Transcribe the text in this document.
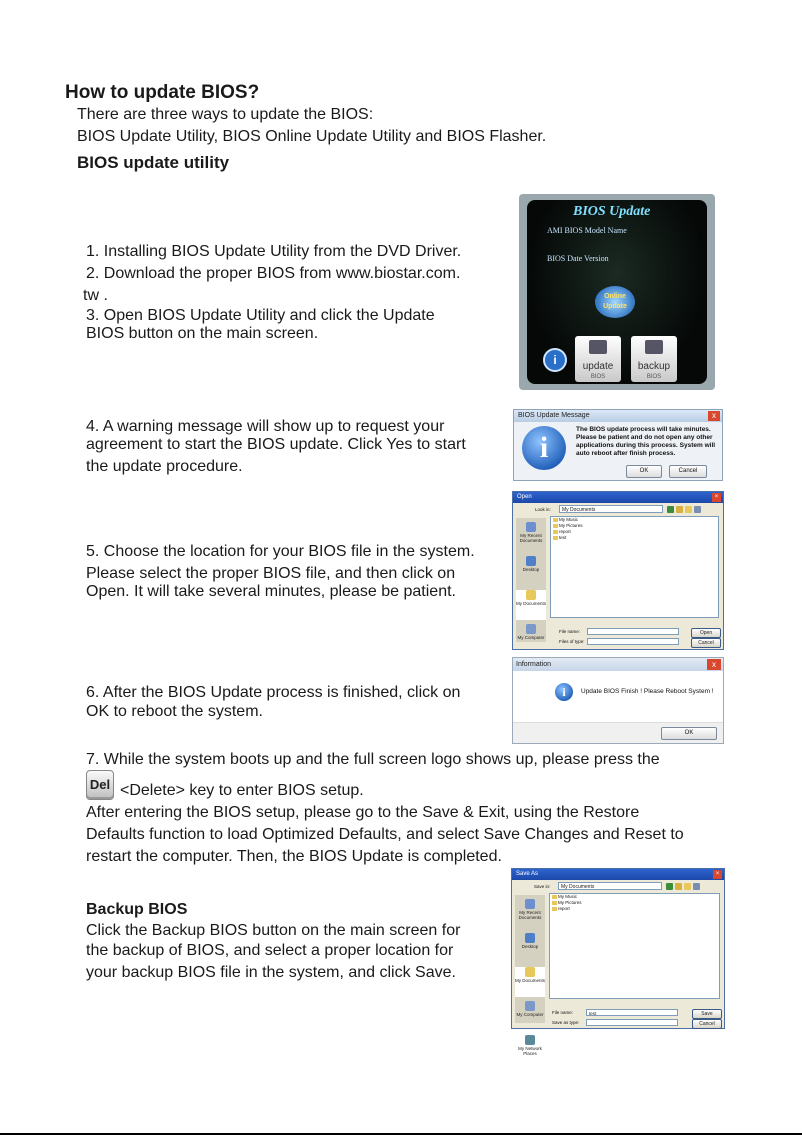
How to update BIOS?
There are three ways to update the BIOS:
BIOS Update Utility, BIOS Online Update Utility and BIOS Flasher.
BIOS update utility
1. Installing BIOS Update Utility from the DVD Driver.
2. Download the proper BIOS from www.biostar.com.
tw .
3. Open BIOS Update Utility and click the Update
BIOS button on the main screen.
BIOS Update
AMI BIOS Model Name
BIOS Date Version
Online Update
i	update
BIOS
backup
BIOS
4. A warning message will show up to request your
agreement to start the BIOS update. Click Yes to start
the update procedure.
BIOS Update Message	x
i
The BIOS update process will take minutes. Please be patient and do not open any other applications during this process. System will auto reboot after finish process.
OK	Cancel
5. Choose the location for your BIOS file in the system.
Please select the proper BIOS file, and then click on
Open. It will take several minutes, please be patient.
Open	×
Look in:	My Documents
My Recent Documents
Desktop
My Documents
My Computer
My Music
My Pictures
report
test
File name:	Open
Files of type:	Cancel
6. After the BIOS Update process is finished, click on
OK to reboot the system.
Information	x
i	Update BIOS Finish ! Please Reboot System !
OK
7. While the system boots up and the full screen logo shows up, please press the
Del <Delete> key to enter BIOS setup.
After entering the BIOS setup, please go to the Save & Exit, using the Restore
Defaults function to load Optimized Defaults, and select Save Changes and Reset to
restart the computer. Then, the BIOS Update is completed.
Backup BIOS
Click the Backup BIOS button on the main screen for
the backup of BIOS, and select a proper location for
your backup BIOS file in the system, and click Save.
Save As	×
Save in:	My Documents
My Recent Documents
Desktop
My Documents
My Computer
My Network Places
My Music
My Pictures
report
File name:	test	Save
Save as type:	Cancel
